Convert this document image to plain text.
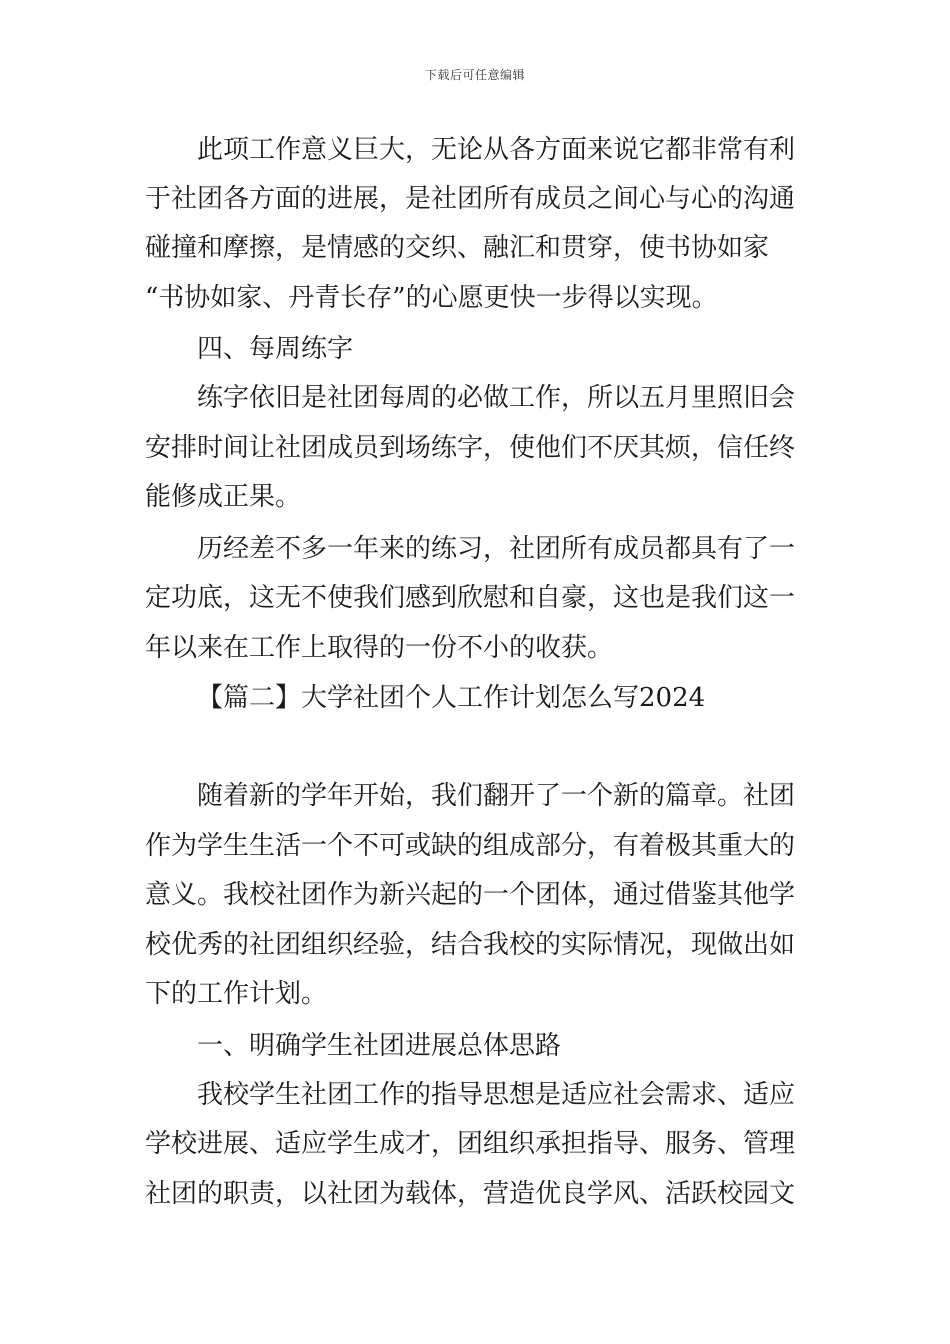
下载后可任意编辑
此项工作意义巨大，无论从各方面来说它都非常有利
于社团各方面的进展，是社团所有成员之间心与心的沟通
碰撞和摩擦，是情感的交织、融汇和贯穿，使书协如家
“书协如家、丹青长存”的心愿更快一步得以实现。
四、每周练字
练字依旧是社团每周的必做工作，所以五月里照旧会
安排时间让社团成员到场练字，使他们不厌其烦，信任终
能修成正果。
历经差不多一年来的练习，社团所有成员都具有了一
定功底，这无不使我们感到欣慰和自豪，这也是我们这一
年以来在工作上取得的一份不小的收获。
【篇二】大学社团个人工作计划怎么写2024
随着新的学年开始，我们翻开了一个新的篇章。社团
作为学生生活一个不可或缺的组成部分，有着极其重大的
意义。我校社团作为新兴起的一个团体，通过借鉴其他学
校优秀的社团组织经验，结合我校的实际情况，现做出如
下的工作计划。
一、明确学生社团进展总体思路
我校学生社团工作的指导思想是适应社会需求、适应
学校进展、适应学生成才，团组织承担指导、服务、管理
社团的职责，以社团为载体，营造优良学风、活跃校园文
